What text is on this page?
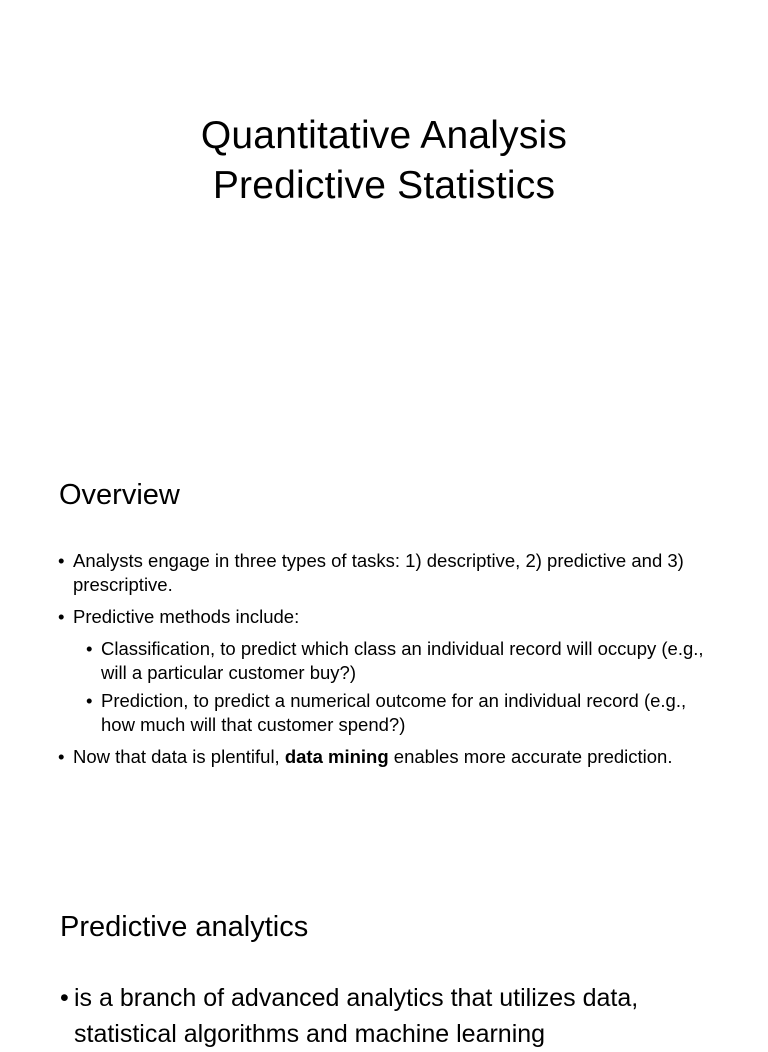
Quantitative Analysis
Predictive Statistics
Overview
• Analysts engage in three types of tasks: 1) descriptive, 2) predictive and 3) prescriptive.
• Predictive methods include:
• Classification, to predict which class an individual record will occupy (e.g., will a particular customer buy?)
• Prediction, to predict a numerical outcome for an individual record (e.g., how much will that customer spend?)
• Now that data is plentiful, data mining enables more accurate prediction.
Predictive analytics
• is a branch of advanced analytics that utilizes data,
statistical algorithms and machine learning
